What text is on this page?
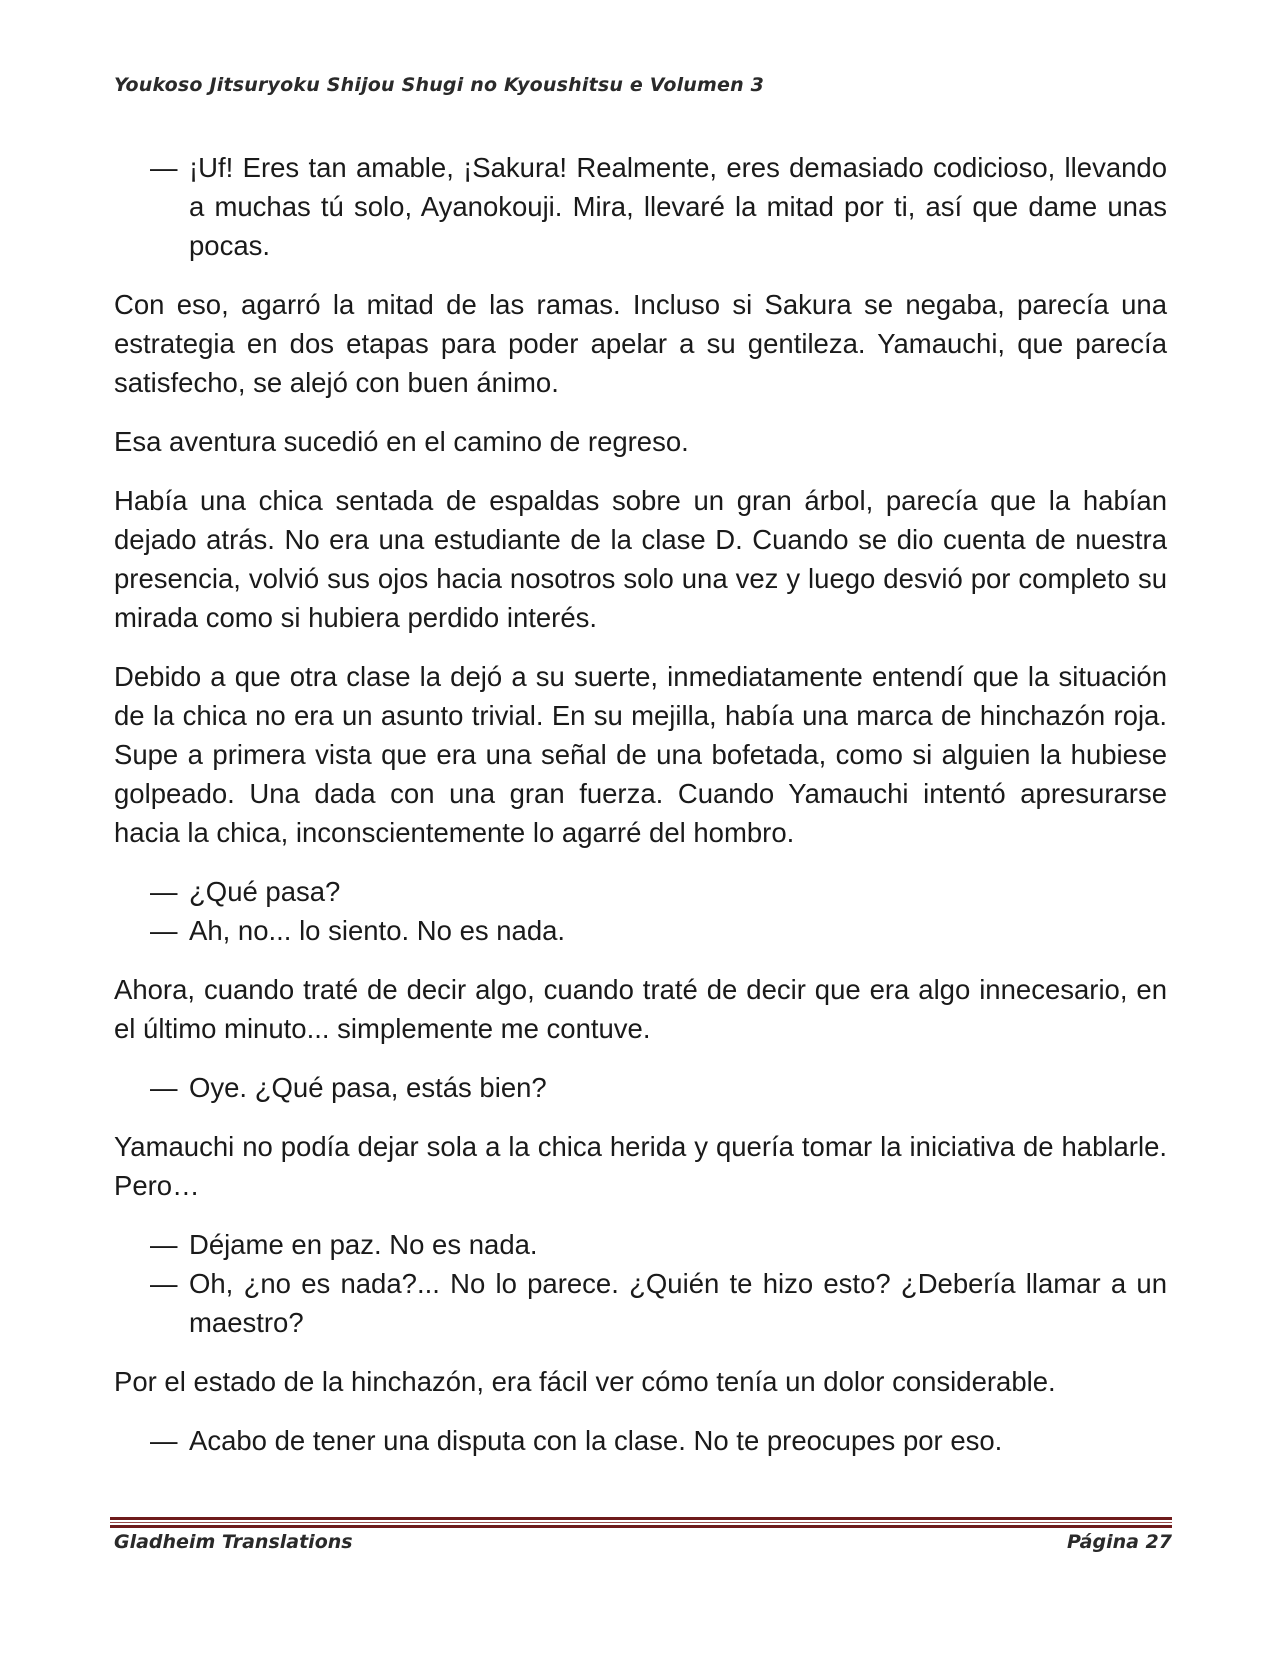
Youkoso Jitsuryoku Shijou Shugi no Kyoushitsu e Volumen 3
— ¡Uf! Eres tan amable, ¡Sakura! Realmente, eres demasiado codicioso, llevando a muchas tú solo, Ayanokouji. Mira, llevaré la mitad por ti, así que dame unas pocas.

Con eso, agarró la mitad de las ramas. Incluso si Sakura se negaba, parecía una estrategia en dos etapas para poder apelar a su gentileza. Yamauchi, que parecía satisfecho, se alejó con buen ánimo.

Esa aventura sucedió en el camino de regreso.

Había una chica sentada de espaldas sobre un gran árbol, parecía que la habían dejado atrás. No era una estudiante de la clase D. Cuando se dio cuenta de nuestra presencia, volvió sus ojos hacia nosotros solo una vez y luego desvió por completo su mirada como si hubiera perdido interés.

Debido a que otra clase la dejó a su suerte, inmediatamente entendí que la situación de la chica no era un asunto trivial. En su mejilla, había una marca de hinchazón roja. Supe a primera vista que era una señal de una bofetada, como si alguien la hubiese golpeado. Una dada con una gran fuerza. Cuando Yamauchi intentó apresurarse hacia la chica, inconscientemente lo agarré del hombro.

— ¿Qué pasa?
— Ah, no... lo siento. No es nada.

Ahora, cuando traté de decir algo, cuando traté de decir que era algo innecesario, en el último minuto... simplemente me contuve.

— Oye. ¿Qué pasa, estás bien?

Yamauchi no podía dejar sola a la chica herida y quería tomar la iniciativa de hablarle. Pero…

— Déjame en paz. No es nada.
— Oh, ¿no es nada?... No lo parece. ¿Quién te hizo esto? ¿Debería llamar a un maestro?

Por el estado de la hinchazón, era fácil ver cómo tenía un dolor considerable.

— Acabo de tener una disputa con la clase. No te preocupes por eso.
Gladheim Translations	Página 27
